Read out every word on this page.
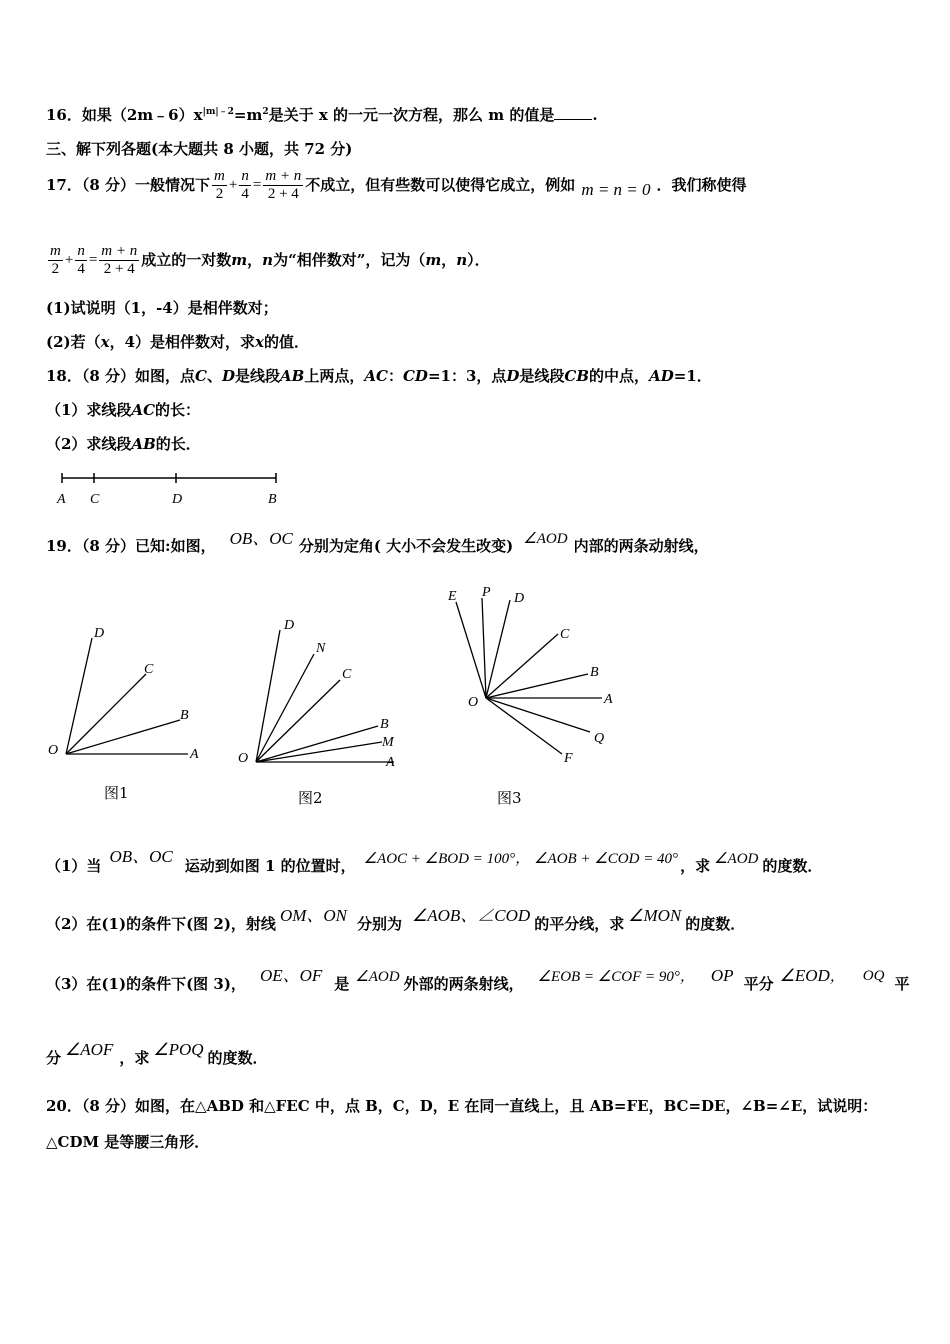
16．如果$(2m﹣6)x^{|m|﹣2}=m^2$是关于 x 的一元一次方程，那么 m 的值是	.
三、解下列各题(本大题共 8 小题，共 72 分)
17．（8 分）一般情况下 $\frac{m}{2} + \frac{n}{4} = \frac{m + n}{2 + 4}$ 不成立，但有些数可以使得它成立，例如 m = n = 0 ．我们称使得
$\frac{m}{2} + \frac{n}{4} = \frac{m + n}{2 + 4}$ 成立的一对数 m ， n 为“相伴数对”，记为（ m ， n ）．
(1)试说明（1，-4）是相伴数对；
(2)若（x，4）是相伴数对，求x的值．
18．（8 分）如图，点C、D是线段AB上两点，AC：CD=1：3，点D是线段CB的中点，AD=1．
（1）求线段AC的长：
（2）求线段AB的长．
A C	D	B
19．（8 分）已知:如图， OB、OC 分别为定角( 大小不会发生改变) ∠AOD 内部的两条动射线，
D
C
B
O	A
图1
D
N
C
B
M
O	A
图2
E P D
C
B
A
O
Q
F
图3
（1）当 OB、OC 运动到如图 1 的位置时， ∠AOC + ∠BOD = 100° ， ∠AOB + ∠COD = 40° ，求 ∠AOD 的度数．
（2）在(1)的条件下(图 2)，射线 OM、ON 分别为 ∠AOB、∠COD 的平分线，求 ∠MON 的度数．
（3）在(1)的条件下(图 3)， OE、OF 是 ∠AOD 外部的两条射线， ∠EOB = ∠COF = 90° ， OP 平分 ∠EOD ， OQ 平
分 ∠AOF ，求 ∠POQ 的度数．
20．（8 分）如图，在△ABD 和△FEC 中，点 B，C，D，E 在同一直线上，且 AB=FE，BC=DE，∠B=∠E，试说明：
△CDM 是等腰三角形．
